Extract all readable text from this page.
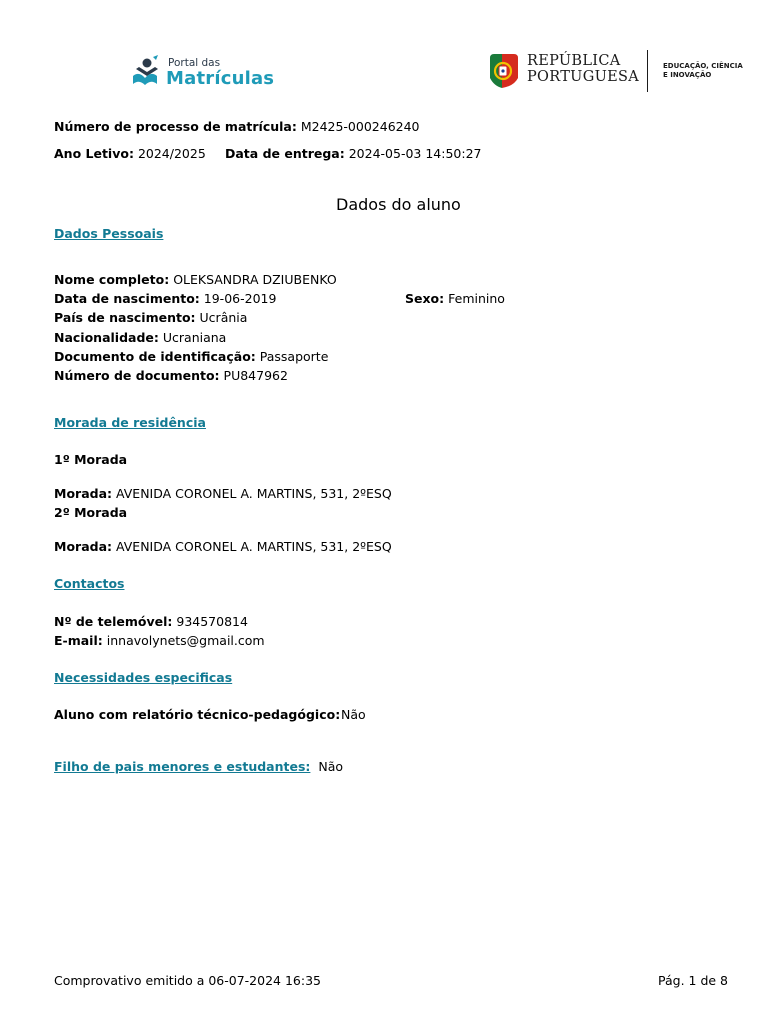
Portal das
Matrículas
REPÚBLICA
PORTUGUESA
EDUCAÇÃO, CIÊNCIA
E INOVAÇÃO
Número de processo de matrícula: M2425-000246240
Ano Letivo: 2024/2025 Data de entrega: 2024-05-03 14:50:27
Dados do aluno
Dados Pessoais
Nome completo: OLEKSANDRA DZIUBENKO
Data de nascimento: 19-06-2019	Sexo: Feminino
País de nascimento: Ucrânia
Nacionalidade: Ucraniana
Documento de identificação: Passaporte
Número de documento: PU847962
Morada de residência
1º Morada
Morada: AVENIDA CORONEL A. MARTINS, 531, 2ºESQ
2º Morada
Morada: AVENIDA CORONEL A. MARTINS, 531, 2ºESQ
Contactos
Nº de telemóvel: 934570814
E-mail: innavolynets@gmail.com
Necessidades especificas
Aluno com relatório técnico-pedagógico: Não
Filho de pais menores e estudantes: Não
Comprovativo emitido a 06-07-2024 16:35	Pág. 1 de 8
